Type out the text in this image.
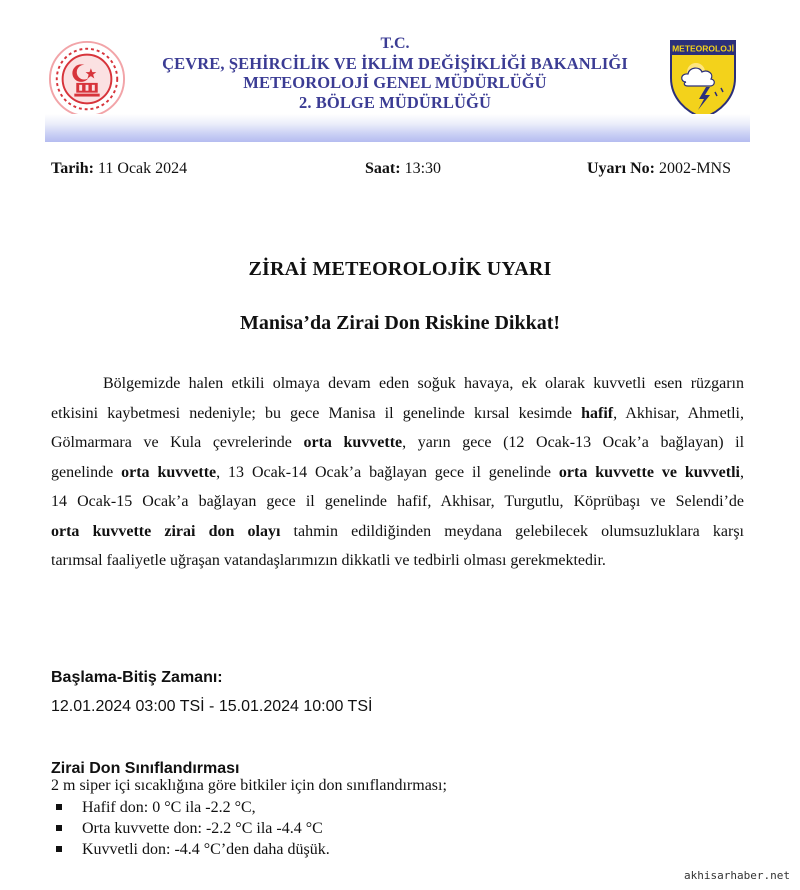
T.C.
ÇEVRE, ŞEHİRCİLİK VE İKLİM DEĞİŞİKLİĞİ BAKANLIĞI
METEOROLOJİ GENEL MÜDÜRLÜĞÜ
2. BÖLGE MÜDÜRLÜĞÜ
METEOROLOJİ
Tarih: 11 Ocak 2024	Saat: 13:30	Uyarı No: 2002-MNS
ZİRAİ METEOROLOJİK UYARI
Manisa’da Zirai Don Riskine Dikkat!
Bölgemizde halen etkili olmaya devam eden soğuk havaya, ek olarak kuvvetli esen rüzgarın
etkisini kaybetmesi nedeniyle; bu gece Manisa il genelinde kırsal kesimde hafif, Akhisar, Ahmetli,
Gölmarmara ve Kula çevrelerinde orta kuvvette, yarın gece (12 Ocak-13 Ocak’a bağlayan) il
genelinde orta kuvvette, 13 Ocak-14 Ocak’a bağlayan gece il genelinde orta kuvvette ve kuvvetli,
14 Ocak-15 Ocak’a bağlayan gece il genelinde hafif, Akhisar, Turgutlu, Köprübaşı ve Selendi’de
orta kuvvette zirai don olayı tahmin edildiğinden meydana gelebilecek olumsuzluklara karşı
tarımsal faaliyetle uğraşan vatandaşlarımızın dikkatli ve tedbirli olması gerekmektedir.
Başlama-Bitiş Zamanı:
12.01.2024 03:00 TSİ - 15.01.2024 10:00 TSİ
Zirai Don Sınıflandırması
2 m siper içi sıcaklığına göre bitkiler için don sınıflandırması;
Hafif don: 0 °C ila -2.2 °C,
Orta kuvvette don: -2.2 °C ila -4.4 °C
Kuvvetli don: -4.4 °C’den daha düşük.
akhisarhaber.net
